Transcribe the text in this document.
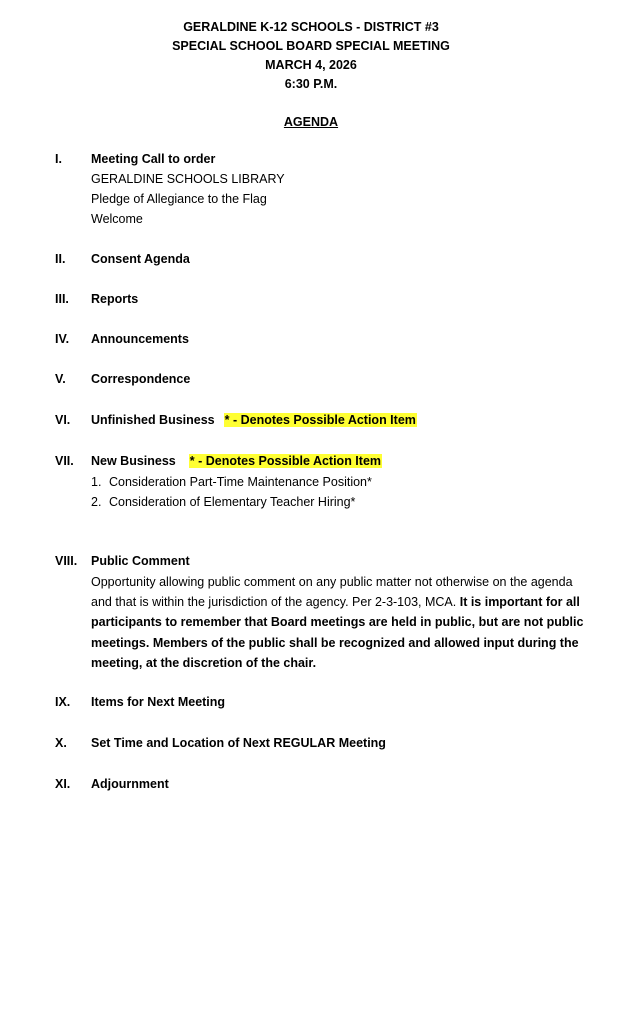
GERALDINE K-12 SCHOOLS - DISTRICT #3
SPECIAL SCHOOL BOARD SPECIAL MEETING
MARCH 4, 2026
6:30 P.M.
AGENDA
I. Meeting Call to order
GERALDINE SCHOOLS LIBRARY
Pledge of Allegiance to the Flag
Welcome
II. Consent Agenda
III. Reports
IV. Announcements
V. Correspondence
VI. Unfinished Business * - Denotes Possible Action Item
VII. New Business * - Denotes Possible Action Item
1. Consideration Part-Time Maintenance Position*
2. Consideration of Elementary Teacher Hiring*
VIII. Public Comment
Opportunity allowing public comment on any public matter not otherwise on the agenda and that is within the jurisdiction of the agency. Per 2-3-103, MCA. It is important for all participants to remember that Board meetings are held in public, but are not public meetings. Members of the public shall be recognized and allowed input during the meeting, at the discretion of the chair.
IX. Items for Next Meeting
X. Set Time and Location of Next REGULAR Meeting
XI. Adjournment
